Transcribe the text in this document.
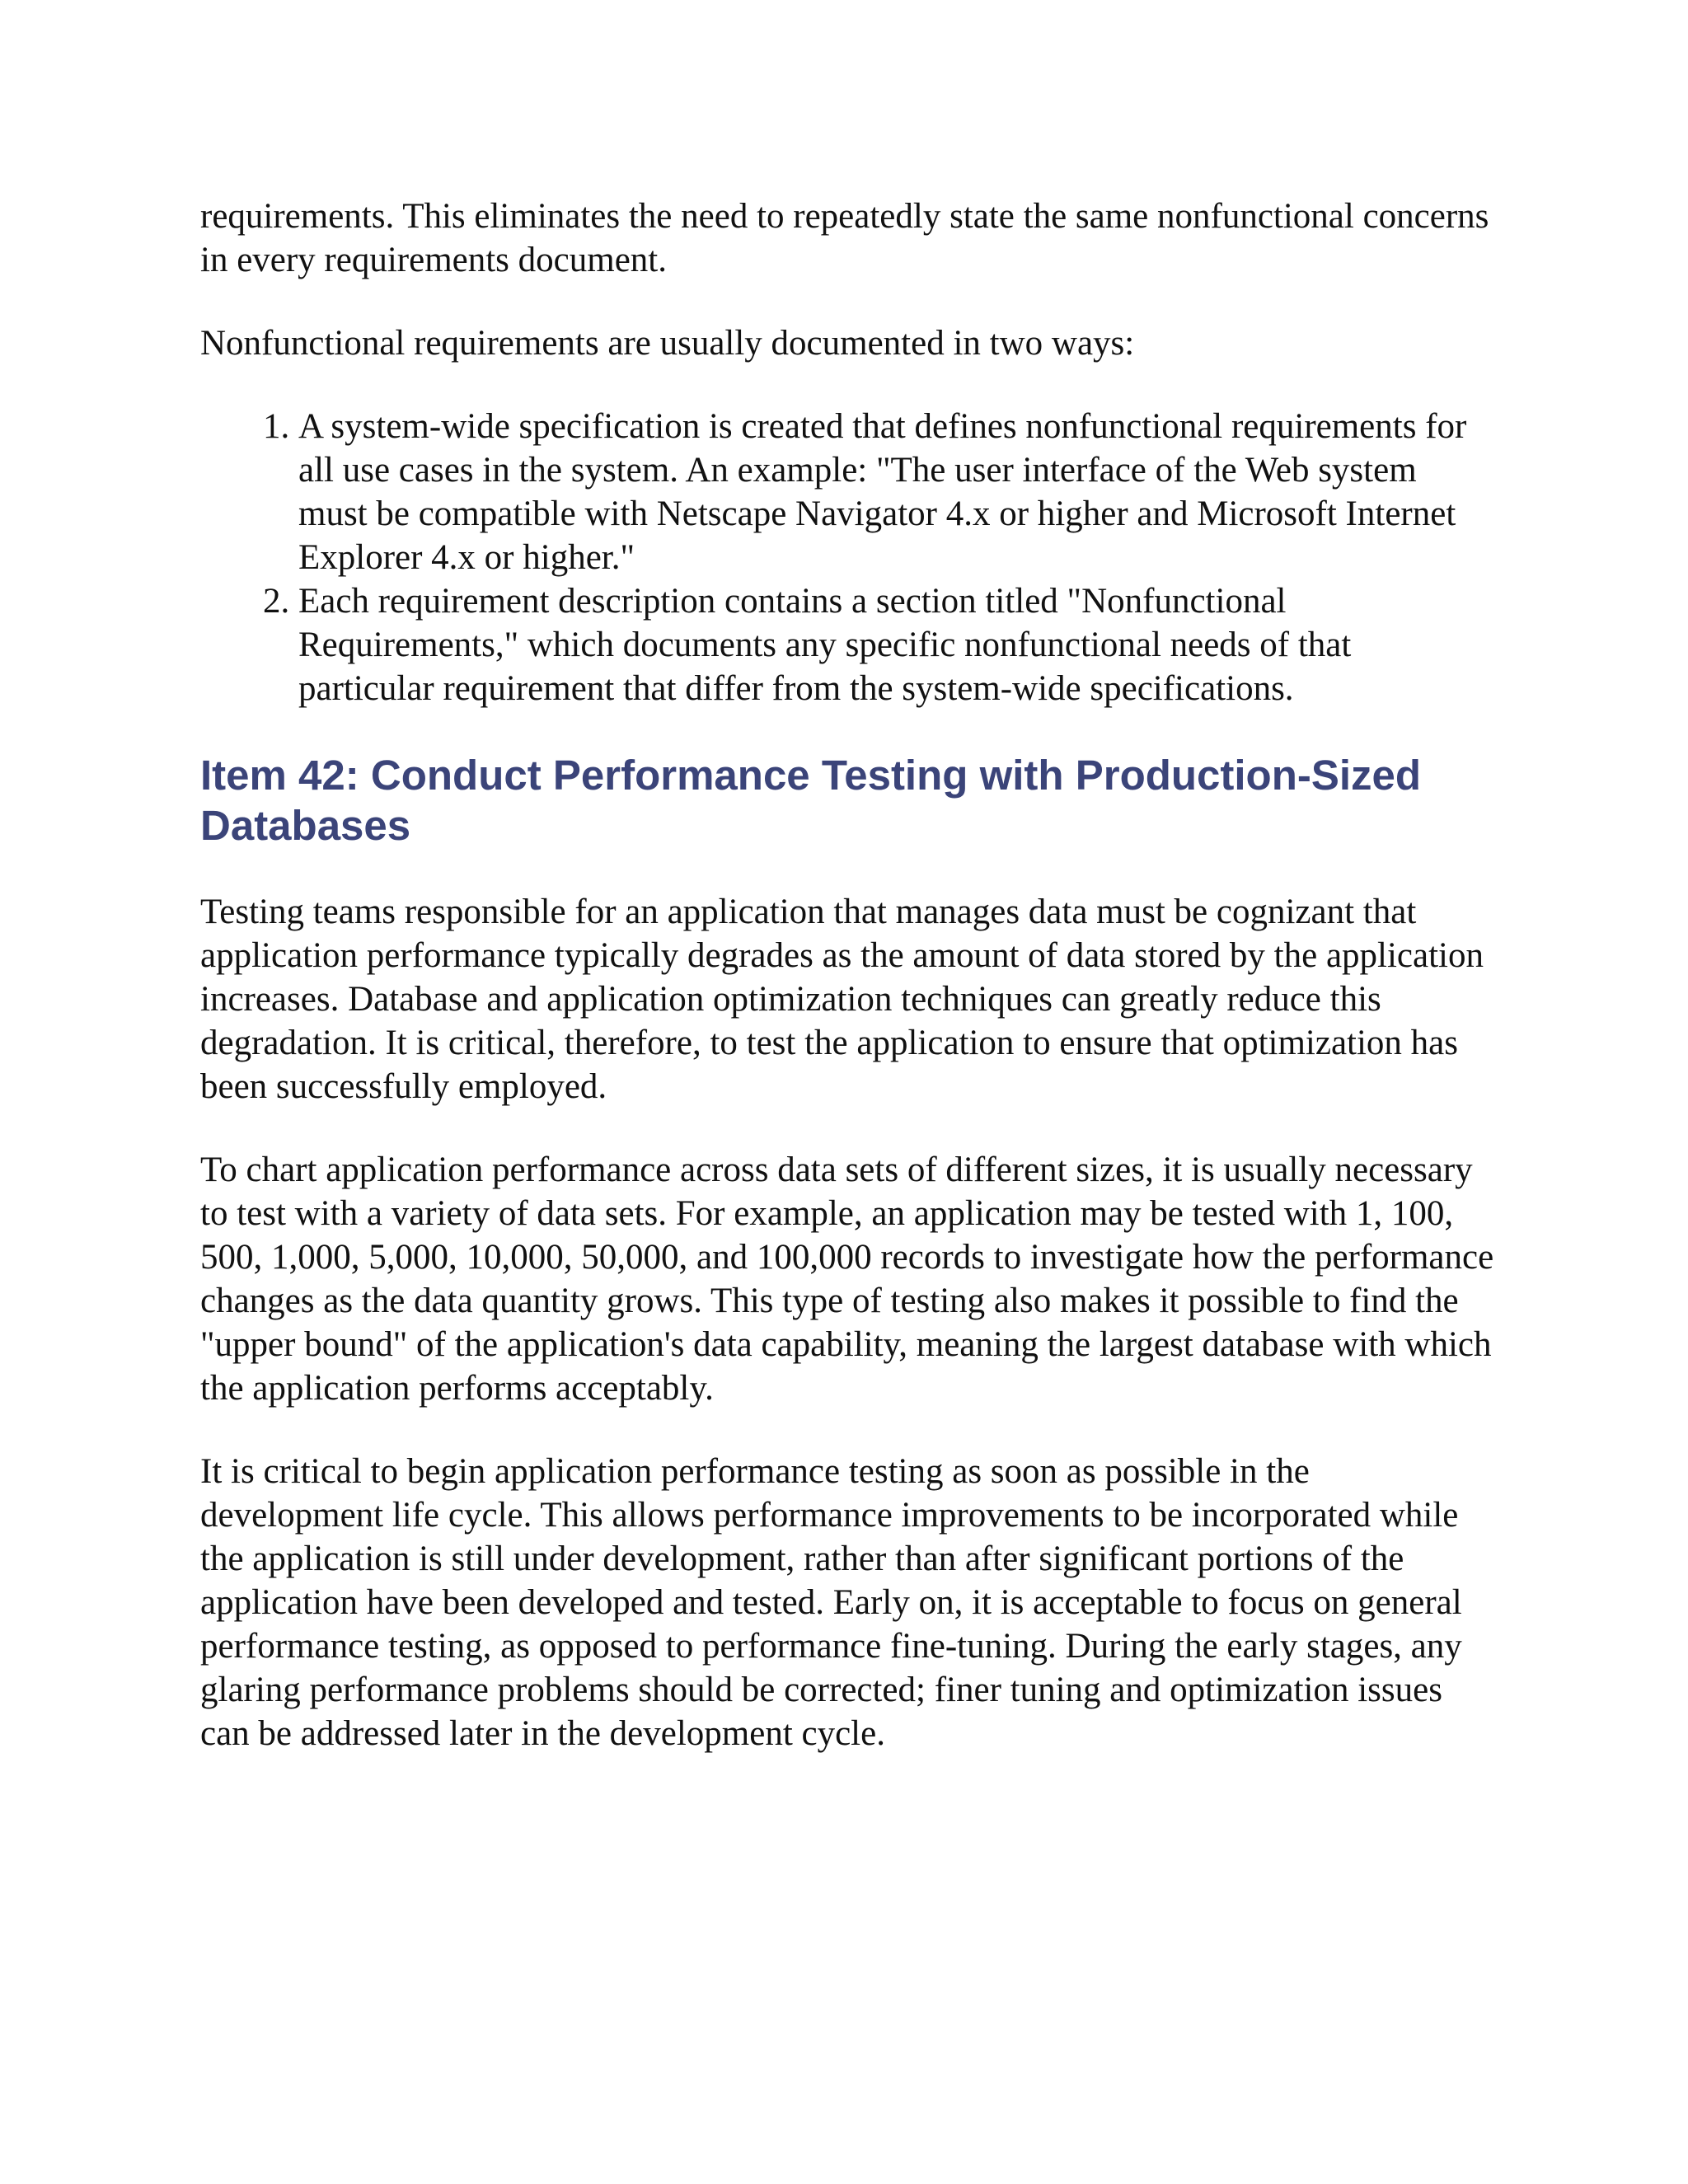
requirements. This eliminates the need to repeatedly state the same nonfunctional concerns in every requirements document.

Nonfunctional requirements are usually documented in two ways:

1. A system-wide specification is created that defines nonfunctional requirements for all use cases in the system. An example: "The user interface of the Web system must be compatible with Netscape Navigator 4.x or higher and Microsoft Internet Explorer 4.x or higher."
2. Each requirement description contains a section titled "Nonfunctional Requirements," which documents any specific nonfunctional needs of that particular requirement that differ from the system-wide specifications.
Item 42: Conduct Performance Testing with Production-Sized Databases

Testing teams responsible for an application that manages data must be cognizant that application performance typically degrades as the amount of data stored by the application increases. Database and application optimization techniques can greatly reduce this degradation. It is critical, therefore, to test the application to ensure that optimization has been successfully employed.

To chart application performance across data sets of different sizes, it is usually necessary to test with a variety of data sets. For example, an application may be tested with 1, 100, 500, 1,000, 5,000, 10,000, 50,000, and 100,000 records to investigate how the performance changes as the data quantity grows. This type of testing also makes it possible to find the "upper bound" of the application's data capability, meaning the largest database with which the application performs acceptably.

It is critical to begin application performance testing as soon as possible in the development life cycle. This allows performance improvements to be incorporated while the application is still under development, rather than after significant portions of the application have been developed and tested. Early on, it is acceptable to focus on general performance testing, as opposed to performance fine-tuning. During the early stages, any glaring performance problems should be corrected; finer tuning and optimization issues can be addressed later in the development cycle.
